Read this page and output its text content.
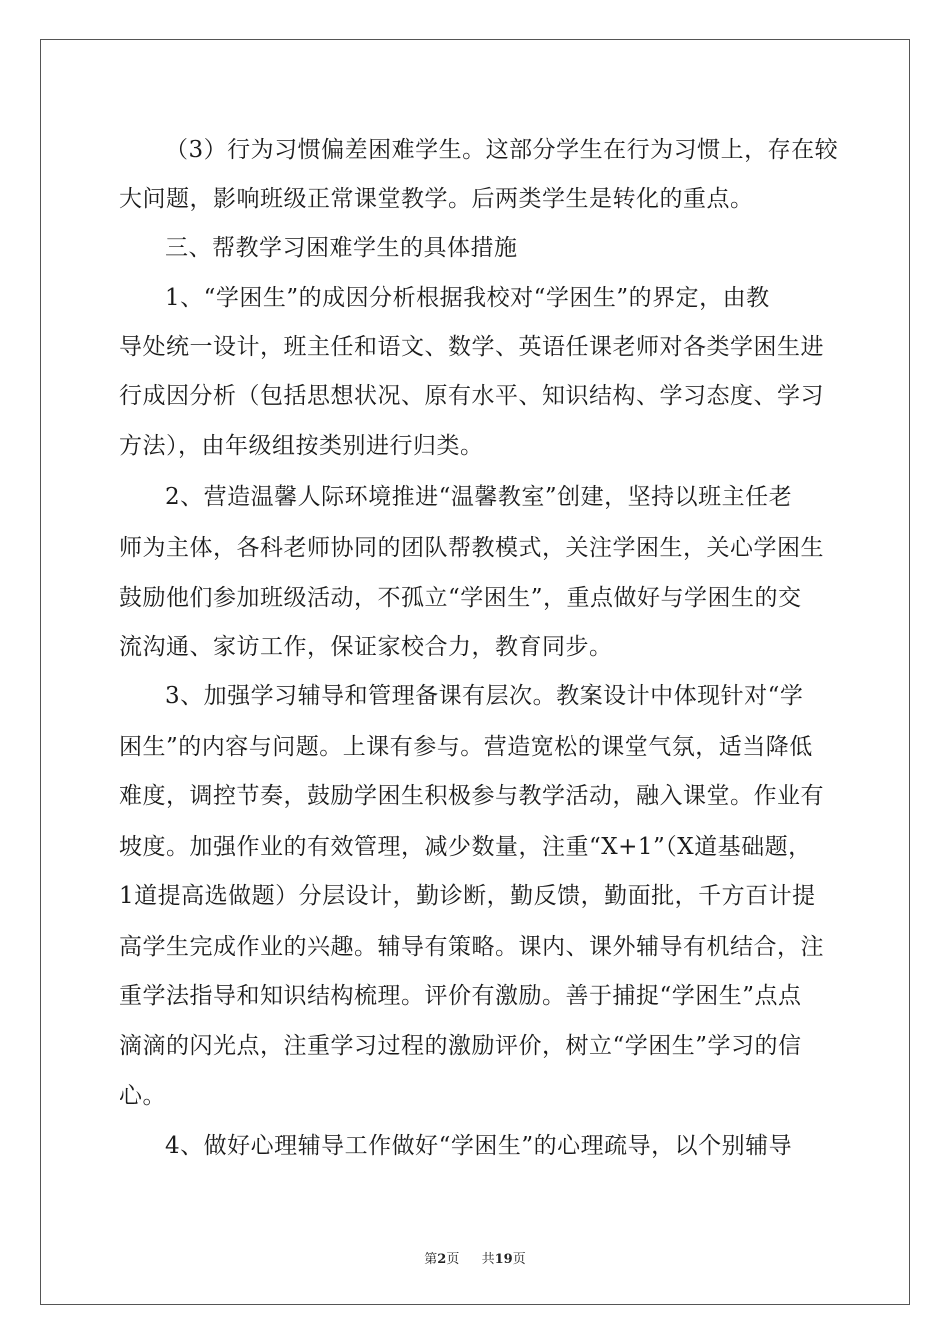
（3）行为习惯偏差困难学生。这部分学生在行为习惯上，存在较
大问题，影响班级正常课堂教学。后两类学生是转化的重点。
三、帮教学习困难学生的具体措施
1、“学困生”的成因分析根据我校对“学困生”的界定，由教
导处统一设计，班主任和语文、数学、英语任课老师对各类学困生进
行成因分析（包括思想状况、原有水平、知识结构、学习态度、学习
方法），由年级组按类别进行归类。
2、营造温馨人际环境推进“温馨教室”创建，坚持以班主任老
师为主体，各科老师协同的团队帮教模式，关注学困生，关心学困生
鼓励他们参加班级活动，不孤立“学困生”，重点做好与学困生的交
流沟通、家访工作，保证家校合力，教育同步。
3、加强学习辅导和管理备课有层次。教案设计中体现针对“学
困生”的内容与问题。上课有参与。营造宽松的课堂气氛，适当降低
难度，调控节奏，鼓励学困生积极参与教学活动，融入课堂。作业有
坡度。加强作业的有效管理，减少数量，注重“X+1”（X道基础题，
1道提高选做题）分层设计，勤诊断，勤反馈，勤面批，千方百计提
高学生完成作业的兴趣。辅导有策略。课内、课外辅导有机结合，注
重学法指导和知识结构梳理。评价有激励。善于捕捉“学困生”点点
滴滴的闪光点，注重学习过程的激励评价，树立“学困生”学习的信
心。
4、做好心理辅导工作做好“学困生”的心理疏导，以个别辅导
第2页 共19页
